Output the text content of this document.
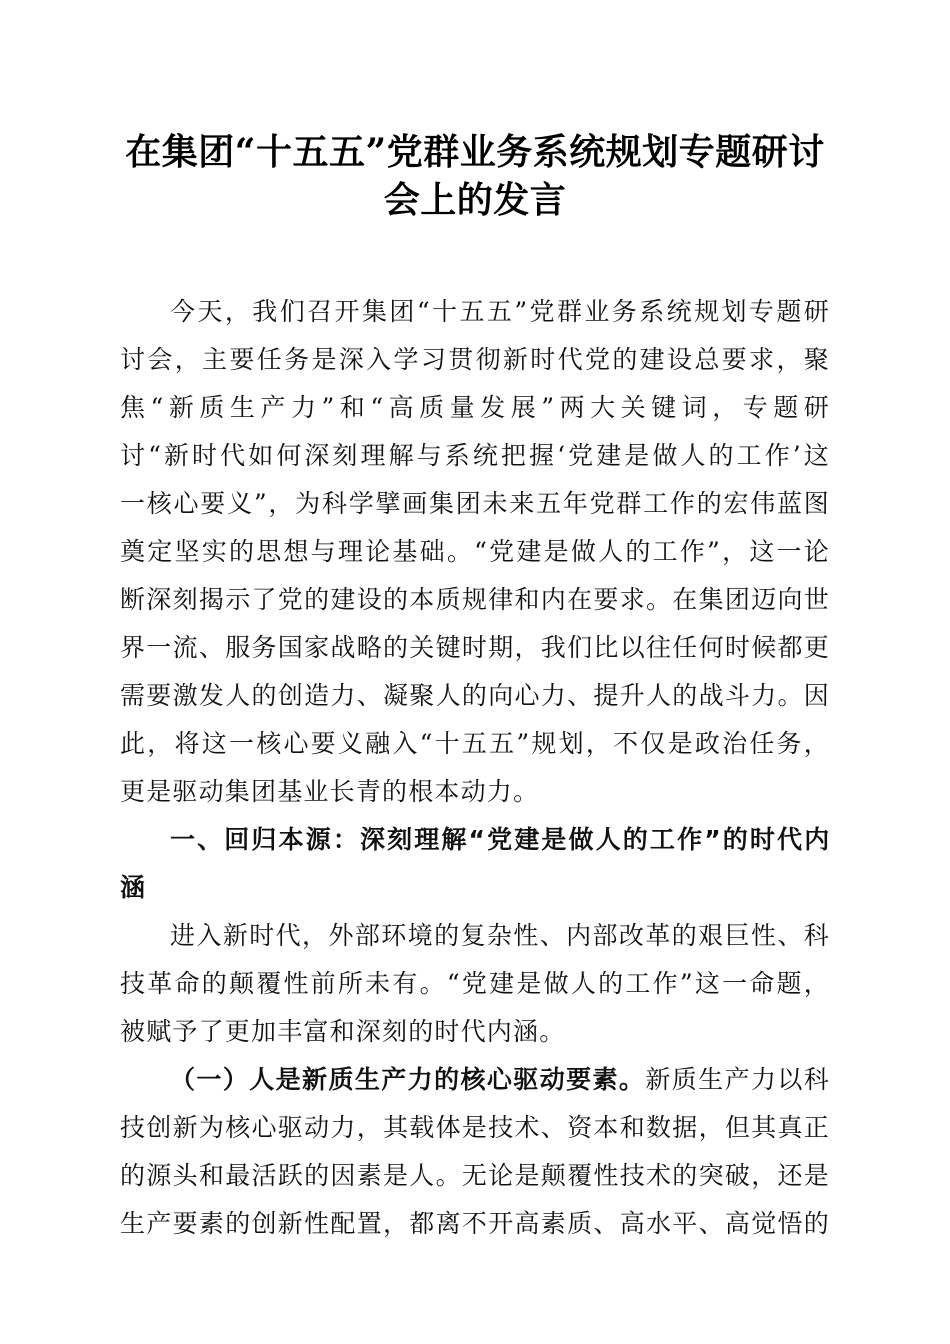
在集团“十五五”党群业务系统规划专题研讨
会上的发言

今天，我们召开集团“十五五”党群业务系统规划专题研
讨会，主要任务是深入学习贯彻新时代党的建设总要求，聚
焦“新质生产力”和“高质量发展”两大关键词，专题研
讨“新时代如何深刻理解与系统把握‘党建是做人的工作’这
一核心要义”，为科学擘画集团未来五年党群工作的宏伟蓝图
奠定坚实的思想与理论基础。“党建是做人的工作”，这一论
断深刻揭示了党的建设的本质规律和内在要求。在集团迈向世
界一流、服务国家战略的关键时期，我们比以往任何时候都更
需要激发人的创造力、凝聚人的向心力、提升人的战斗力。因
此，将这一核心要义融入“十五五”规划，不仅是政治任务，
更是驱动集团基业长青的根本动力。

一、回归本源：深刻理解“党建是做人的工作”的时代内
涵

进入新时代，外部环境的复杂性、内部改革的艰巨性、科
技革命的颠覆性前所未有。“党建是做人的工作”这一命题，
被赋予了更加丰富和深刻的时代内涵。

（一）人是新质生产力的核心驱动要素。新质生产力以科
技创新为核心驱动力，其载体是技术、资本和数据，但其真正
的源头和最活跃的因素是人。无论是颠覆性技术的突破，还是
生产要素的创新性配置，都离不开高素质、高水平、高觉悟的
